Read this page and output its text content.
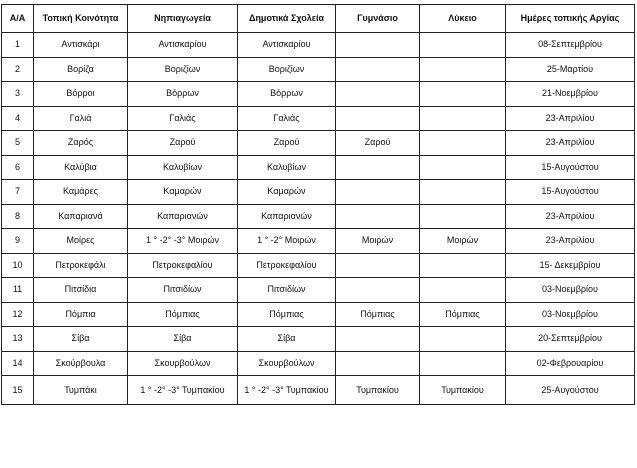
Α/Α	Τοπική Κοινότητα	Νηπιαγωγεία	Δημοτικά Σχολεία	Γυμνάσιο	Λύκειο	Ημέρες τοπικής Αργίας
1	Αντισκάρι	Αντισκαρίου	Αντισκαρίου			08-Σεπτεμβρίου
2	Βορίζα	Βοριζίων	Βοριζίων			25-Μαρτίου
3	Βόρροι	Βόρρων	Βόρρων			21-Νοεμβρίου
4	Γαλιά	Γαλιάς	Γαλιάς			23-Απριλίου
5	Ζαρός	Ζαρού	Ζαρού	Ζαρού		23-Απριλίου
6	Καλύβια	Καλυβίων	Καλυβίων			15-Αυγούστου
7	Καμάρες	Καμαρών	Καμαρών			15-Αυγούστου
8	Καπαριανά	Καπαριανών	Καπαριανών			23-Απριλίου
9	Μοίρες	1 ° -2° -3° Μοιρών	1 ° -2° Μοιρών	Μοιρών	Μοιρών	23-Απριλίου
10	Πετροκεφάλι	Πετροκεφαλίου	Πετροκεφαλίου			15- Δεκεμβρίου
11	Πιτσίδια	Πιτσιδίων	Πιτσιδίων			03-Νοεμβρίου
12	Πόμπια	Πόμπιας	Πόμπιας	Πόμπιας	Πόμπιας	03-Νοεμβρίου
13	Σίβα	Σίβα	Σίβα			20-Σεπτεμβρίου
14	Σκούρβουλα	Σκουρβούλων	Σκουρβούλων			02-Φεβρουαρίου
15	Τυμπάκι	1 ° -2° -3° Τυμπακίου	1 ° -2° -3° Τυμπακίου	Τυμπακίου	Τυμπακίου	25-Αυγούστου
